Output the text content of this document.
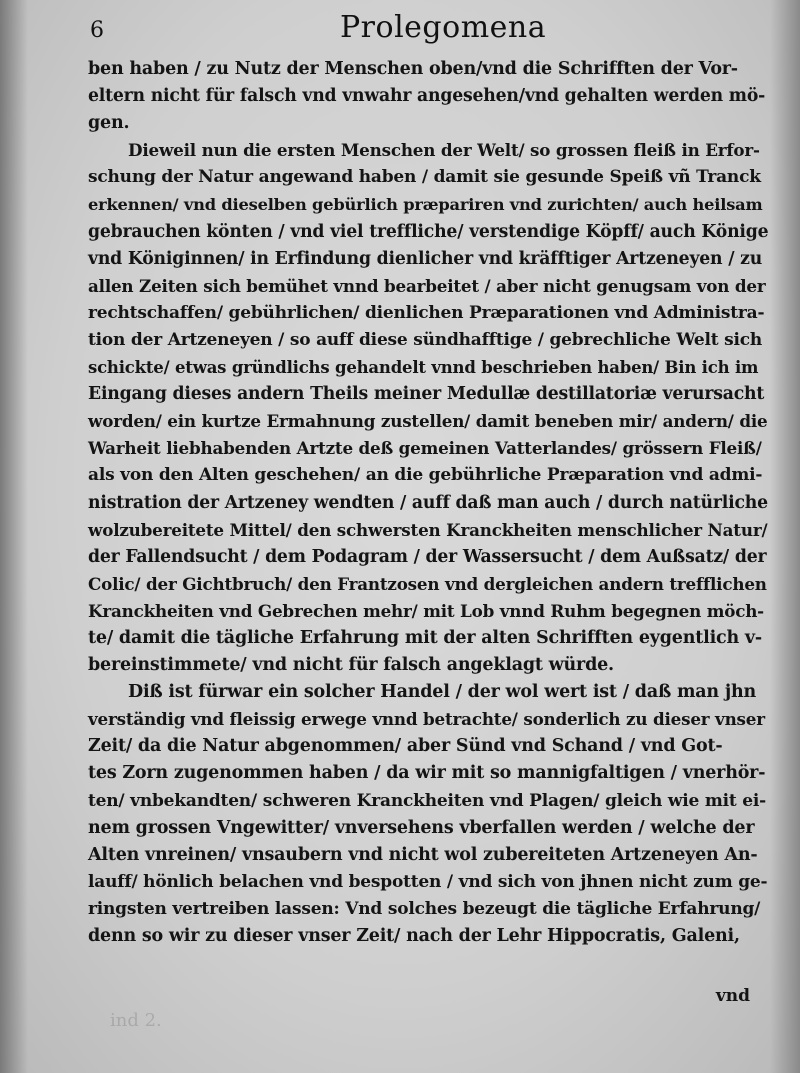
6	Prolegomena
ben haben / zu Nutz der Menschen oben/vnd die Schrifften der Vor-
eltern nicht für falsch vnd vnwahr angesehen/vnd gehalten werden mö-
gen.
Dieweil nun die ersten Menschen der Welt/ so grossen fleiß in Erfor-
schung der Natur angewand haben / damit sie gesunde Speiß vñ Tranck
erkennen/ vnd dieselben gebürlich præpariren vnd zurichten/ auch heilsam
gebrauchen könten / vnd viel treffliche/ verstendige Köpff/ auch Könige
vnd Königinnen/ in Erfindung dienlicher vnd kräfftiger Artzeneyen / zu
allen Zeiten sich bemühet vnnd bearbeitet / aber nicht genugsam von der
rechtschaffen/ gebührlichen/ dienlichen Præparationen vnd Administra-
tion der Artzeneyen / so auff diese sündhafftige / gebrechliche Welt sich
schickte/ etwas gründlichs gehandelt vnnd beschrieben haben/ Bin ich im
Eingang dieses andern Theils meiner Medullæ destillatoriæ verursacht
worden/ ein kurtze Ermahnung zustellen/ damit beneben mir/ andern/ die
Warheit liebhabenden Artzte deß gemeinen Vatterlandes/ grössern Fleiß/
als von den Alten geschehen/ an die gebührliche Præparation vnd admi-
nistration der Artzeney wendten / auff daß man auch / durch natürliche
wolzubereitete Mittel/ den schwersten Kranckheiten menschlicher Natur/
der Fallendsucht / dem Podagram / der Wassersucht / dem Außsatz/ der
Colic/ der Gichtbruch/ den Frantzosen vnd dergleichen andern trefflichen
Kranckheiten vnd Gebrechen mehr/ mit Lob vnnd Ruhm begegnen möch-
te/ damit die tägliche Erfahrung mit der alten Schrifften eygentlich v-
bereinstimmete/ vnd nicht für falsch angeklagt würde.
Diß ist fürwar ein solcher Handel / der wol wert ist / daß man jhn
verständig vnd fleissig erwege vnnd betrachte/ sonderlich zu dieser vnser
Zeit/ da die Natur abgenommen/ aber Sünd vnd Schand / vnd Got-
tes Zorn zugenommen haben / da wir mit so mannigfaltigen / vnerhör-
ten/ vnbekandten/ schweren Kranckheiten vnd Plagen/ gleich wie mit ei-
nem grossen Vngewitter/ vnversehens vberfallen werden / welche der
Alten vnreinen/ vnsaubern vnd nicht wol zubereiteten Artzeneyen An-
lauff/ hönlich belachen vnd bespotten / vnd sich von jhnen nicht zum ge-
ringsten vertreiben lassen: Vnd solches bezeugt die tägliche Erfahrung/
denn so wir zu dieser vnser Zeit/ nach der Lehr Hippocratis, Galeni,
vnd
ind 2.
